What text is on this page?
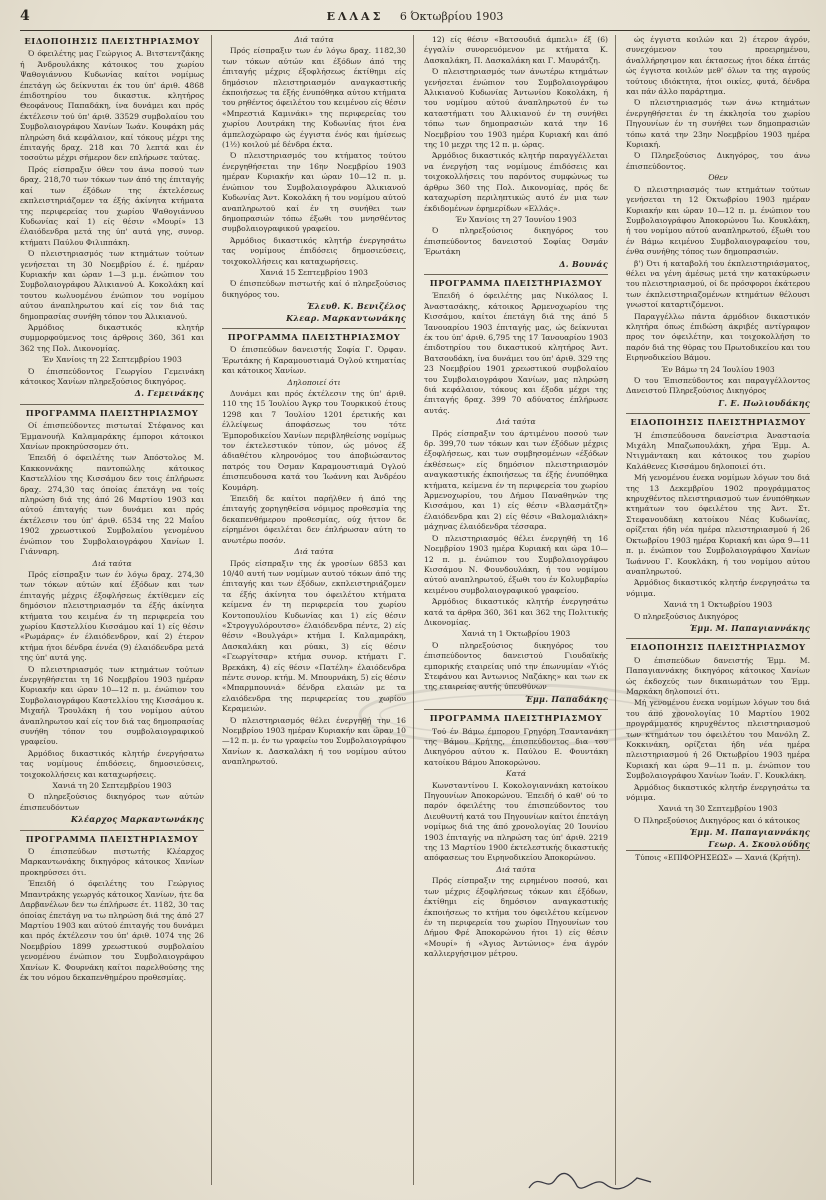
4	ΕΛΛΑΣ 6 Όκτωβρίου 1903
ΕΙΔΟΠΟΙΗΣΙΣ ΠΛΕΙΣΤΗΡΙΑΣΜΟΥ

Ό όφειλέτης μας Γεώργιος Α. Βιτστεντζάκης ή Άνδρουλάκης κάτοικος του χωρίου Ψαθογιάννου Κυδωνίας καίτοι νομίμως έπετάγη ώς δείκνυται έκ του ύπ' άριθ. 4868 έπιδοτηρίου του δικαστικ. κλητήρος Θεοφάνους Παπαδάκη, ίνα δυνάμει και πρός έκτέλεσιν τού ύπ' άριθ. 33529 συμβολαίου του Συμβολαιογράφου Χανίων Ίωάν. Κουφάκη μάς πληρώση διά κεφάλαιον, καί τόκους μέχρι της έπιταγής δραχ. 218 και 70 λεπτά και έν τοσούτω μέχρι σήμερον δεν επλήρωσε ταύτας.

Πρός είσπραξιν όθεν του άνω ποσού των δραχ. 218,70 των τόκων των άπό της έπιταγής καί των έξόδων της έκτελέσεως εκπλειστηριάζομεν τα έξής άκίνητα κτήματα της περιφερείας του χωρίου Ψαθογιάννου Κυδωνίας καί 1) είς θέσιν «Μουρί» 13 έλαιόδενδρα μετά της ύπ' αυτά γης, συνορ. κτήματι Παύλου Φιλιππάκη.

Ό πλειστηριασμός των κτημάτων τούτων γενήσεται τη 30 Νοεμβρίου έ. έ. ημέραν Κυριακήν και ώραν 1—3 μ.μ. ένώπιον του Συμβολαιογράφου Άλικιανού Α. Κοκολάκη καί τουτου κωλυομένου ένώπιον του νομίμου αύτου άναπληρωτου καί είς τον διά τας δημοπρασίας συνήθη τόπον του Άλικιανού.

Άρμόδιος δικαστικός κλητήρ συμμορφούμενος τοις άρθροις 360, 361 και 362 της Πολ. Δικονομίας.

Έν Χανίοις τη 22 Σεπτεμβρίου 1903

Ό έπισπεύδοντος Γεωργίου Γεμεινάκη κάτοικος Χανίων πληρεξούσιος δικηγόρος.

Δ. Γεμεινάκης

ΠΡΟΓΡΑΜΜΑ ΠΛΕΙΣΤΗΡΙΑΣΜΟΥ

Οί έπισπεύδοντες πιστωταί Στέφανος και Έμμανουήλ Καλαμαράκης έμποροι κάτοικοι Χανίων προκηρύσσομεν ότι.

Έπειδή ό όφειλέτης των Άπόστολος Μ. Κακκοννάκης παντοπώλης κάτοικος Καστελλίου της Κισσάμου δεν τοις έπλήρωσε δραχ. 274,30 τας όποίας έπετάγη να τοίς πληρώση διά της άπό 26 Μαρτίου 1903 και αύτού έπιταγής των δυνάμει και πρός έκτέλεσιν του ύπ' άριθ. 6534 της 22 Μαΐου 1902 χρεωστικού Συμβολαίου γενομένου ένώπιον του Συμβολαιογράφου Χανίων Ι. Γιάνναρη.

Διά ταύτα

Πρός είσπραξιν των έν λόγω δραχ. 274,30 των τόκων αύτών καί έξόδων και των έπιταγής μέχρις έξοφλήσεως έκτίθεμεν είς δημόσιον πλειστηριασμόν τα έξής άκίνητα κτήματα του κειμένα έν τη περιφερεία του χωρίου Καστελλίου Κισσάμου καί 1) είς θέσιν «Ρωμάρας» έν έλαιόδενδρον, καί 2) έτερον κτήμα ήτοι δένδρα έννέα (9) έλαιόδενδρα μετά της ύπ' αυτά γης.

Ό πλειστηριασμός των κτημάτων τούτων ένεργηθήσεται τη 16 Νοεμβρίου 1903 ημέραν Κυριακήν και ώραν 10—12 π. μ. ένώπιον του Συμβολαιογράφου Καστελλίου της Κισσάμου κ. Μιχαήλ Τρουλάκη ή του νομίμου αύτου άναπληρωτου καί είς τον διά τας δημοπρασίας συνήθη τόπον του συμβολαιογραφικού γραφείου.

Άρμόδιος δικαστικός κλητήρ ένεργήσατω τας νομίμους έπιδόσεις, δημοσιεύσεις, τοιχοκολλήσεις και καταχωρήσεις.

Χανιά τη 20 Σεπτεμβρίου 1903

Ό πληρεξούσιος δικηγόρος των αύτών έπισπευδόντων

Κλέαρχος Μαρκαντωνάκης

ΠΡΟΓΡΑΜΜΑ ΠΛΕΙΣΤΗΡΙΑΣΜΟΥ

Ό έπισπεύδων πιστωτής Κλέαρχος Μαρκαντωνάκης δικηγόρος κάτοικος Χανίων προκηρύσσει ότι.

Έπειδή ό όφειλέτης του Γεώργιος Μπαντράκης γεωργός κάτοικος Χανίων, ήτε δα Δαρβανέλων δεν τω έπλήρωσε έτ. 1182, 30 τας όποίας έπετάγη να τω πληρώση διά της άπό 27 Μαρτίου 1903 και αύτού έπιταγής του δυνάμει και πρός έκτέλεσιν του ύπ' άριθ. 1074 της 26 Νοεμβρίου 1899 χρεωστικού συμβολαίου γενομένου ένώπιον του Συμβολαιογράφου Χανίων Κ. Φουρνάκη καίτοι παρελθούσης της έκ του νόμου δεκαπενθημέρου προθεσμίας.

Διά ταύτα

Πρός είσπραξιν των έν λόγω δραχ. 1182,30 των τόκων αύτών και έξόδων άπό της έπιταγής μέχρις έξοφλήσεως έκτίθημι είς δημόσιον πλειστηριασμόν αναγκαστικής έκποιήσεως τα έξής ένυπόθηκα αύτου κτήματα του ρηθέντος όφειλέτου του κειμένου είς θέσιν «Μπρεστιά Καμινάκι» της περιφερείας του χωρίου Λουτράκη της Κυδωνίας ήτοι ένα άμπελοχώραφο ώς έγγιστα ένός και ήμίσεως (1½) κοιλού μέ δένδρα έκτα.

Ό πλειστηριασμός του κτήματος τούτου ένεργηθήσεται την 16ην Νοεμβρίου 1903 ημέραν Κυριακήν και ώραν 10—12 π. μ. ένώπιον του Συμβολαιογράφου Άλικιανού Κυδωνίας Άντ. Κοκολάκη ή του νομίμου αύτού αναπληρωτού καί έν τη συνήθει των δημοπρασιών τόπω έξωθι του μνησθέντος συμβολαιογραφικού γραφείου.

Άρμόδιος δικαστικός κλητήρ ένεργησάτω τας νομίμους έπιδόσεις δημοσιεύσεις, τοιχοκολλήσεις και καταχωρήσεις.

Χανιά 15 Σεπτεμβρίου 1903

Ό έπισπεύδων πιστωτής καί ό πληρεξούσιος δικηγόρος του.

Έλευθ. Κ. Βενιζέλος

Κλεαρ. Μαρκαντωνάκης

ΠΡΟΓΡΑΜΜΑ ΠΛΕΙΣΤΗΡΙΑΣΜΟΥ

Ό έπισπεύδων δανειστής Σοφία Γ. Όρφαν. Έρωτάκης ή Καραμουστιαμά Όγλού κτηματίας και κάτοικος Χανίων.

Δηλοποιεί ότι

Δυνάμει και πρός έκτέλεσιν της ύπ' άριθ. 110 της 15 Ίουλίου Άγκρ του Τουρκικού έτους 1298 και 7 Ίουλίου 1201 έρετικής και έλλείψεως άποφάσεως του τότε Έμποροδικείου Χανίων περιβληθείσης νομίμως τον έκτελεστικόν τύπον, ώς μόνος έξ άδιαθέτου κληρονόμος του άποβιώσαντος πατρός του Όσμαν Καραμουστιαμά Όγλού έπισπευδουσα κατά του Ίωάννη και Άνδρέου Κουμάρη.

Έπειδή δε καίτοι παρήλθεν ή άπό της έπιταγής χορηγηθείσα νόμιμος προθεσμία της δεκαπενθήμερου προθεσμίας, ούχ ήττον δε είρημένοι όφειλέται δεν έπλήρωσαν αύτη το ανωτέρω ποσόν.

Διά ταύτα

Πρός είσπραξιν της έκ γροσίων 6853 και 10/40 αυτή των νομίμων αυτού τόκων άπό της έπιταγής και των έξόδων, εκπλειστηριάζομεν τα έξής άκίνητα του όφειλέτου κτήματα κείμενα έν τη περιφερεία του χωρίου Κοντοπουλίου Κυδωνίας και 1) είς θέσιν «Στρογγυλόρουτσο» έλαιόδενδρα πέντε, 2) είς θέσιν «Βουλγάρι» κτήμα Ι. Καλαμαράκη, Δασκαλάκη και ρύακι, 3) είς θέσιν «Γεωργίτσαρ» κτήμα συνορ. κτήματι Γ. Βρεκάκη, 4) είς θέσιν «Πατέλη» έλαιόδενδρα πέντε συνορ. κτήμ. Μ. Μπουρνάκη, 5) είς θέσιν «Μπαρμπουνιά» δένδρα ελαιών με τα ελαιόδενδρα της περιφερείας του χωρίου Κεραμειών.

Ό πλειστηριασμός θέλει ένεργηθή την 16 Νοεμβρίου 1903 ημέραν Κυριακήν και ώραν 10—12 π. μ. έν τω γραφείω του Συμβολαιογράφου Χανίων κ. Δασκαλάκη ή του νομίμου αύτου αναπληρωτού.

12) είς θέσιν «Βατσουδιά άμπελι» έξ (6) έγγαλίν συνορευόμενον με κτήματα Κ. Δασκαλάκη, Π. Δασκαλάκη και Γ. Μαυράτζη.

Ό πλειστηριασμός των άνωτέρω κτημάτων γενήσεται ένώπιον του Συμβολαιογράφου Άλικιανού Κυδωνίας Άντωνίου Κοκολάκη, ή του νομίμου αύτού άναπληρωτού έν τω καταστήματι του Άλικιανού έν τη συνήθει τόπω των δημοπρασιών κατά την 16 Νοεμβρίου του 1903 ημέρα Κυριακή και άπό της 10 μεχρι της 12 π. μ. ώρας.

Άρμόδιος δικαστικός κλητήρ παραγγέλλεται να ένεργήση τας νομίμους έπιδόσεις και τοιχοκολλήσεις του παρόντος συμφώνως τω άρθρω 360 της Πολ. Δικονομίας, πρός δε καταχωρίση περιληπτικώς αυτό έν μια των έκδιδομένων έφημερίδων «Ελλάς».

Έν Χανίοις τη 27 Ίουνίου 1903

Ό πληρεξούσιος δικηγόρος του έπισπεύδοντος δανειστού Σοφίας Όσμάν Έρωτάκη

Δ. Βουνάς

ΠΡΟΓΡΑΜΜΑ ΠΛΕΙΣΤΗΡΙΑΣΜΟΥ

Έπειδή ό όφειλέτης μας Νικόλαος Ι. Άναστασάκης, κάτοικος Άρμενοχωρίου της Κισσάμου, καίτοι έπετάγη διά της άπό 5 Ίανουαρίου 1903 έπιταγής μας, ώς δείκνυται έκ του ύπ' άριθ. 6,795 της 17 Ίανουαρίου 1903 έπιδοτηρίου του δικαστικού κλητήρος Άντ. Βατσουδάκη, ίνα δυνάμει του ύπ' άριθ. 329 της 23 Νοεμβρίου 1901 χρεωστικού συμβολαίου του Συμβολαιογράφου Χανίων, μας πληρώση διά κεφάλαιον, τόκους και έξοδα μέχρι της έπιταγής δραχ. 399 70 αδύνατος έπλήρωσε αυτάς.

Διά ταύτα

Πρός είσπραξιν του άρτιμένου ποσού των δρ. 399,70 των τόκων και των έξόδων μέχρις έξοφλήσεως, και των συμβησομένων «έξόδων έκθέσεως» είς δημόσιον πλειστηριασμόν αναγκαστικής έκποιήσεως τα έξής ένυπόθηκα κτήματα, κείμενα έν τη περιφερεία του χωρίου Άρμενοχωρίου, του Δήμου Παναθηνών της Κισσάμου, και 1) είς θέσιν «Βλασμάτζη» έλαιόδενδρα και 2) είς θέσιν «Βαλομαλιάκη» μάχηνας έλαιόδενδρα τέσσαρα.

Ό πλειστηριασμός θέλει ένεργηθή τη 16 Νοεμβρίου 1903 ημέρα Κυριακή και ώρα 10—12 π. μ. ένώπιον του Συμβολαιογράφου Κισσάμου Ν. Φουνδουλάκη, ή του νομίμου αύτού αναπληρωτού, έξωθι του έν Κολυμβαρίω κειμένου συμβολαιογραφικού γραφείου.

Άρμόδιος δικαστικός κλητήρ ένεργησάτω κατά τα άρθρα 360, 361 και 362 της Πολιτικής Δικονομίας.

Χανιά τη 1 Όκτωβρίου 1903

Ό πληρεξούσιος δικηγόρος του έπισπεύδοντος δανειστού Γιουδαϊκής εμπορικής εταιρείας υπό την έπωνυμίαν «Υιός Στεφάνου και Άντωνιος Ναζάκης» και των εκ της εταιρείας αυτής ύπευθύνων

Έμμ. Παπαδάκης

ΠΡΟΓΡΑΜΜΑ ΠΛΕΙΣΤΗΡΙΑΣΜΟΥ

Τού έν Βάμω έμπορου Γρηγόρη Τσαντανάκη της Βάμου Κρήτης, έπισπεύδοντος δια του Δικηγόρου αύτου κ. Παύλου Ε. Φουντάκη κατοίκου Βάμου Άποκορώνου.

Κατά

Κωνσταντίνου Ι. Κοκολογιαννάκη κατοίκου Πηγουνίων Άποκορώνου. Έπειδή ό καθ' ού το παρόν όφειλέτης του έπισπεύδοντος του Διευθυντή κατά του Πηγουνίων καίτοι έπετάγη νομίμως διά της άπό χρονολογίας 20 Ίουνίου 1903 έπιταγής να πληρώση τας ύπ' άριθ. 2219 της 13 Μαρτίου 1900 έκτελεστικής δικαστικής απόφασεως του Ειρηνοδικείου Άποκορώνου.

Διά ταύτα

Πρός είσπραξιν της ειρημένου ποσού, και των μέχρις έξοφλήσεως τόκων και έξόδων, έκτίθημι είς δημόσιον αναγκαστικής έκποιήσεως το κτήμα του όφειλέτου κείμενον έν τη περιφερεία του χωρίου Πηγουνίων του Δήμου Φρέ Άποκορώνου ήτοι 1) είς θέσιν «Μουρί» ή «Άγιος Άντώνιος» ένα άγρόν καλλιεργήσιμον μέτρου.

ώς έγγιστα κοιλών και 2) έτερον άγρόν, συνεχόμενον του προειρημένου, άναλλήρησιμον και έκτασεως ήτοι δέκα έπτάς ώς έγγιστα κοιλών μεθ' όλων τα της αγρούς τούτους ιδιόκτητα, ήτοι οικίες, φυτά, δένδρα και πάν άλλο παράρτημα.

Ό πλειστηριασμός των άνω κτημάτων ένεργηθήσεται έν τη έκκλησία του χωρίου Πηγουνίων έν τη συνήθει των δημοπρασιών τόπω κατά την 23ην Νοεμβρίου 1903 ημέρα Κυριακή.

Ό Πληρεξούσιος Δικηγόρος, του άνω έπισπεύδοντος.

Όθεν

Ό πλειστηριασμός των κτημάτων τούτων γενήσεται τη 12 Όκτωβρίου 1903 ημέραν Κυριακήν και ώραν 10—12 π. μ. ένώπιον του Συμβολαιογράφου Άποκορώνου Ίω. Κουκλάκη, ή του νομίμου αύτού αναπληρωτού, έξωθι του έν Βάμω κειμένου Συμβολαιογραφείου του, ένθα συνήθης τόπος των δημοπρασιών.

β') Ότι ή καταβολή του έκπλειστηριάσματος, θέλει να γένη άμέσως μετά την κατακύρωσιν του πλειστηριασμού, οί δε πρόσφοροι έκάτερου των έκπλειστηριαζομένων κτημάτων θέλουσι γνωστοί καταρτιζόμενοι.

Παραγγέλλω πάντα άρμόδιον δικαστικόν κλητήρα όπως έπιδώση άκριβές αντίγραφον προς τον όφειλέτην, και τοιχοκολλήση το παρόν διά της θύρας του Πρωτοδικείου και του Ειρηνοδικείου Βάμου.

Έν Βάμω τη 24 Ίουλίου 1903

Ό του Έπισπεύδοντος και παραγγέλλοντος Δανειστού Πληρεξούσιος Δικηγόρος

Γ. Ε. Πωλιουδάκης

ΕΙΔΟΠΟΙΗΣΙΣ ΠΛΕΙΣΤΗΡΙΑΣΜΟΥ

Ή έπισπεύδουσα δανείστρια Άναστασία Μιχάλη Μπαζωπουλάκη, χήρα Έμμ. Α. Ντιγμάντακη και κάτοικος του χωρίου Καλάθενες Κισσάμου δηλοποιεί ότι.

Μή γενομένου ένεκα νομίμων λόγων του διά της 13 Δεκεμβρίου 1902 προγράμματος κηρυχθέντος πλειστηριασμού των ένυπόθηκων κτημάτων του όφειλέτου της Άντ. Στ. Στεφανουδάκη κατοίκου Νέας Κυδωνίας, ορίζεται ήδη νέα ημέρα πλειστηριασμού ή 26 Όκτωβρίου 1903 ημέρα Κυριακή και ώρα 9—11 π. μ. ένώπιον του Συμβολαιογράφου Χανίων Ίωάννου Γ. Κουκλάκη, ή του νομίμου αύτου αναπληρωτού.

Άρμόδιος δικαστικός κλητήρ ένεργησάτω τα νόμιμα.

Χανιά τη 1 Όκτωβρίου 1903

Ό πληρεξούσιος Δικηγόρος

Έμμ. Μ. Παπαγιαννάκης

ΕΙΔΟΠΟΙΗΣΙΣ ΠΛΕΙΣΤΗΡΙΑΣΜΟΥ

Ό έπισπεύδων δανειστής Έμμ. Μ. Παπαγιαννάκης δικηγόρος κάτοικος Χανίων ώς έκδοχεύς των δικαιωμάτων του Έμμ. Μαρκάκη δηλοποιεί ότι.

Μή γενομένου ένεκα νομίμων λόγων του διά του άπό χρονολογίας 10 Μαρτίου 1902 προγράμματος κηρυχθέντος πλειστηριασμού των κτημάτων του όφειλέτου του Μανόλη Ζ. Κοκκινάκη, ορίζεται ήδη νέα ημέρα πλειστηριασμού ή 26 Όκτωβρίου 1903 ημέρα Κυριακή και ώρα 9—11 π. μ. ένώπιον του Συμβολαιογράφου Χανίων Ίωάν. Γ. Κουκλάκη.

Άρμόδιος δικαστικός κλητήρ ένεργησάτω τα νόμιμα.

Χανιά τη 30 Σεπτεμβρίου 1903

Ό Πληρεξούσιος Δικηγόρος και ό κάτοικος

Έμμ. Μ. Παπαγιαννάκης

Γεωρ. Α. Σκουλούδης

Τύποις «ΕΠΙΦΟΡΗΣΕΩΣ» — Χανιά (Κρήτη).
